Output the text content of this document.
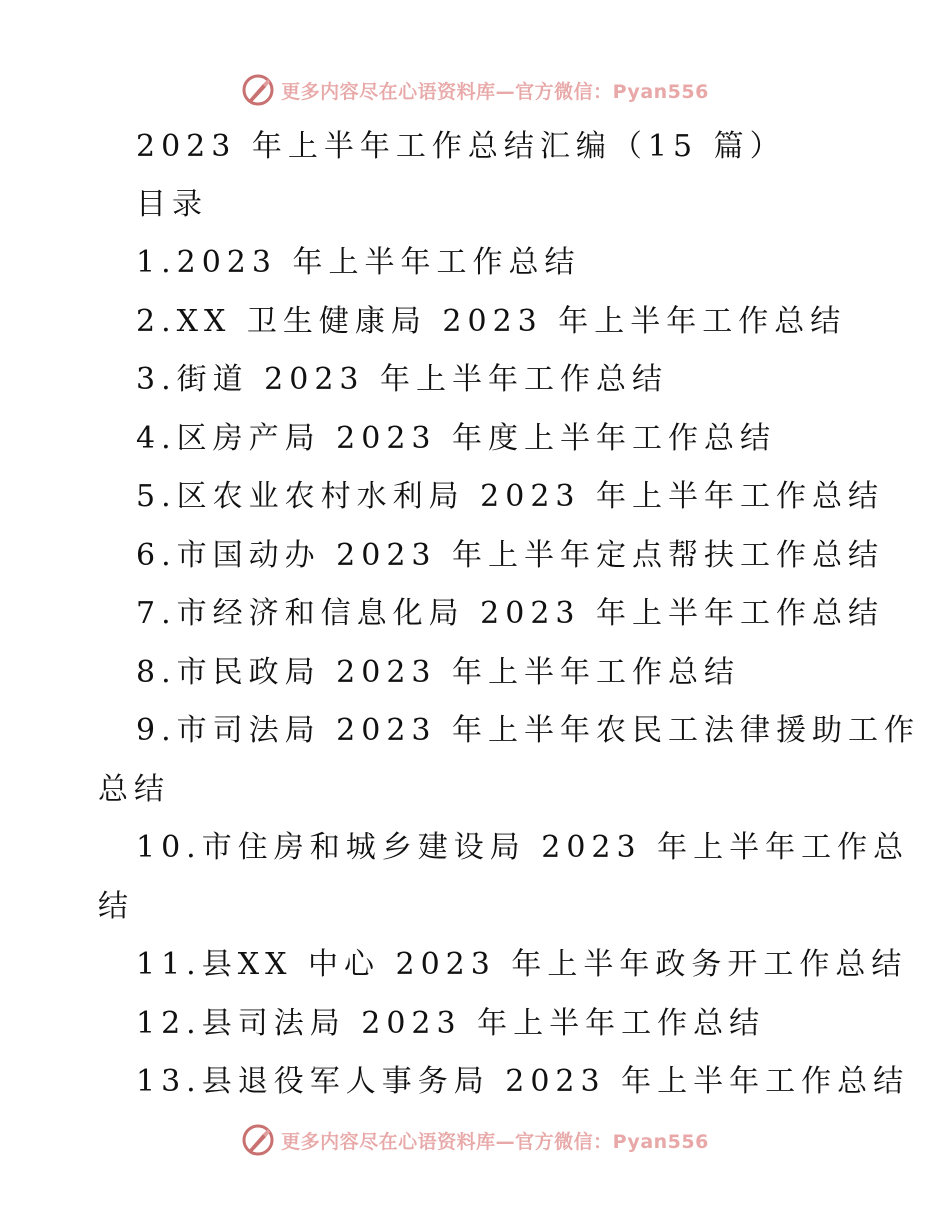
更多内容尽在心语资料库—官方微信：Pyan556
2023 年上半年工作总结汇编（15 篇）
目录
1.2023 年上半年工作总结
2.XX 卫生健康局 2023 年上半年工作总结
3.街道 2023 年上半年工作总结
4.区房产局 2023 年度上半年工作总结
5.区农业农村水利局 2023 年上半年工作总结
6.市国动办 2023 年上半年定点帮扶工作总结
7.市经济和信息化局 2023 年上半年工作总结
8.市民政局 2023 年上半年工作总结
9.市司法局 2023 年上半年农民工法律援助工作
总结
10.市住房和城乡建设局 2023 年上半年工作总
结
11.县XX 中心 2023 年上半年政务开工作总结
12.县司法局 2023 年上半年工作总结
13.县退役军人事务局 2023 年上半年工作总结
更多内容尽在心语资料库—官方微信：Pyan556
